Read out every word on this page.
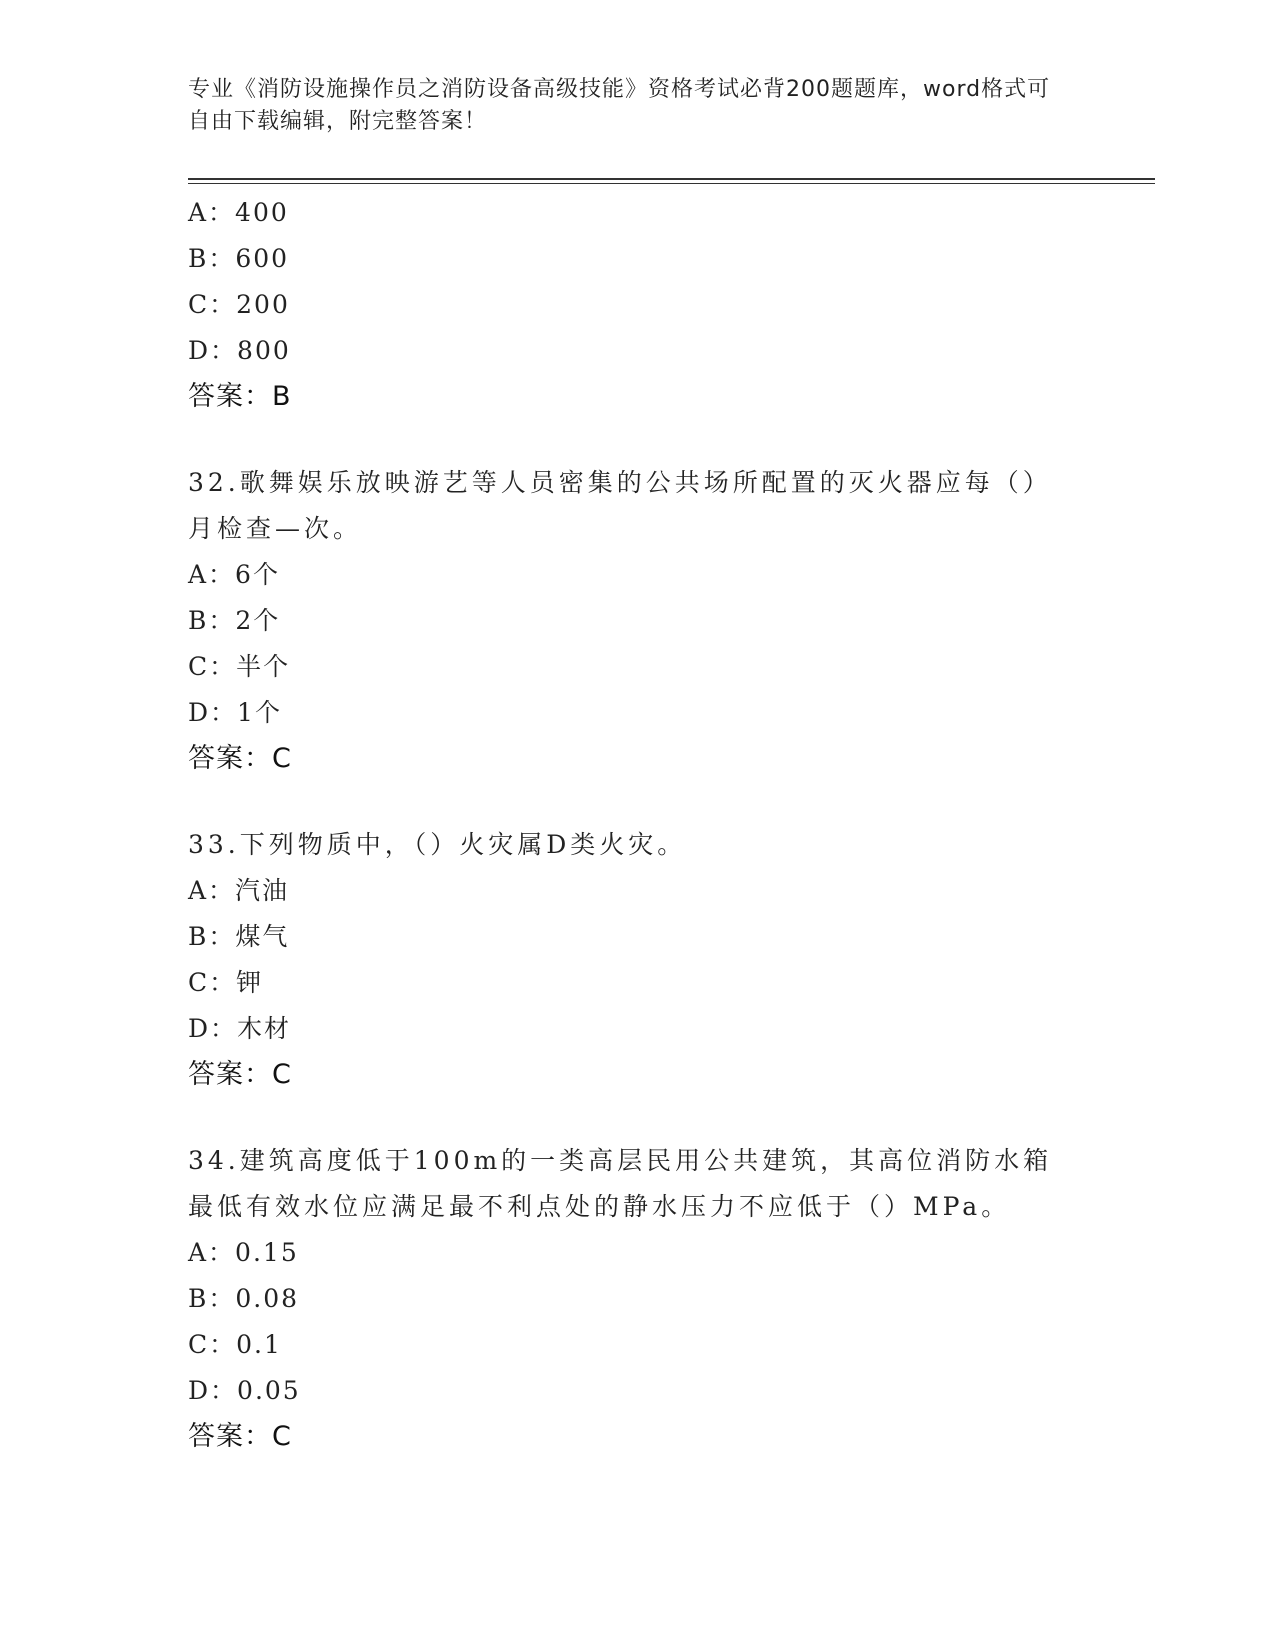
专业《消防设施操作员之消防设备高级技能》资格考试必背200题题库，word格式可自由下载编辑，附完整答案！
A：400
B：600
C：200
D：800
答案：B
32.歌舞娱乐放映游艺等人员密集的公共场所配置的灭火器应每（）月检查—次。
A：6个
B：2个
C：半个
D：1个
答案：C
33.下列物质中，（）火灾属D类火灾。
A：汽油
B：煤气
C：钾
D：木材
答案：C
34.建筑高度低于100m的一类高层民用公共建筑，其高位消防水箱最低有效水位应满足最不利点处的静水压力不应低于（）MPa。
A：0.15
B：0.08
C：0.1
D：0.05
答案：C
